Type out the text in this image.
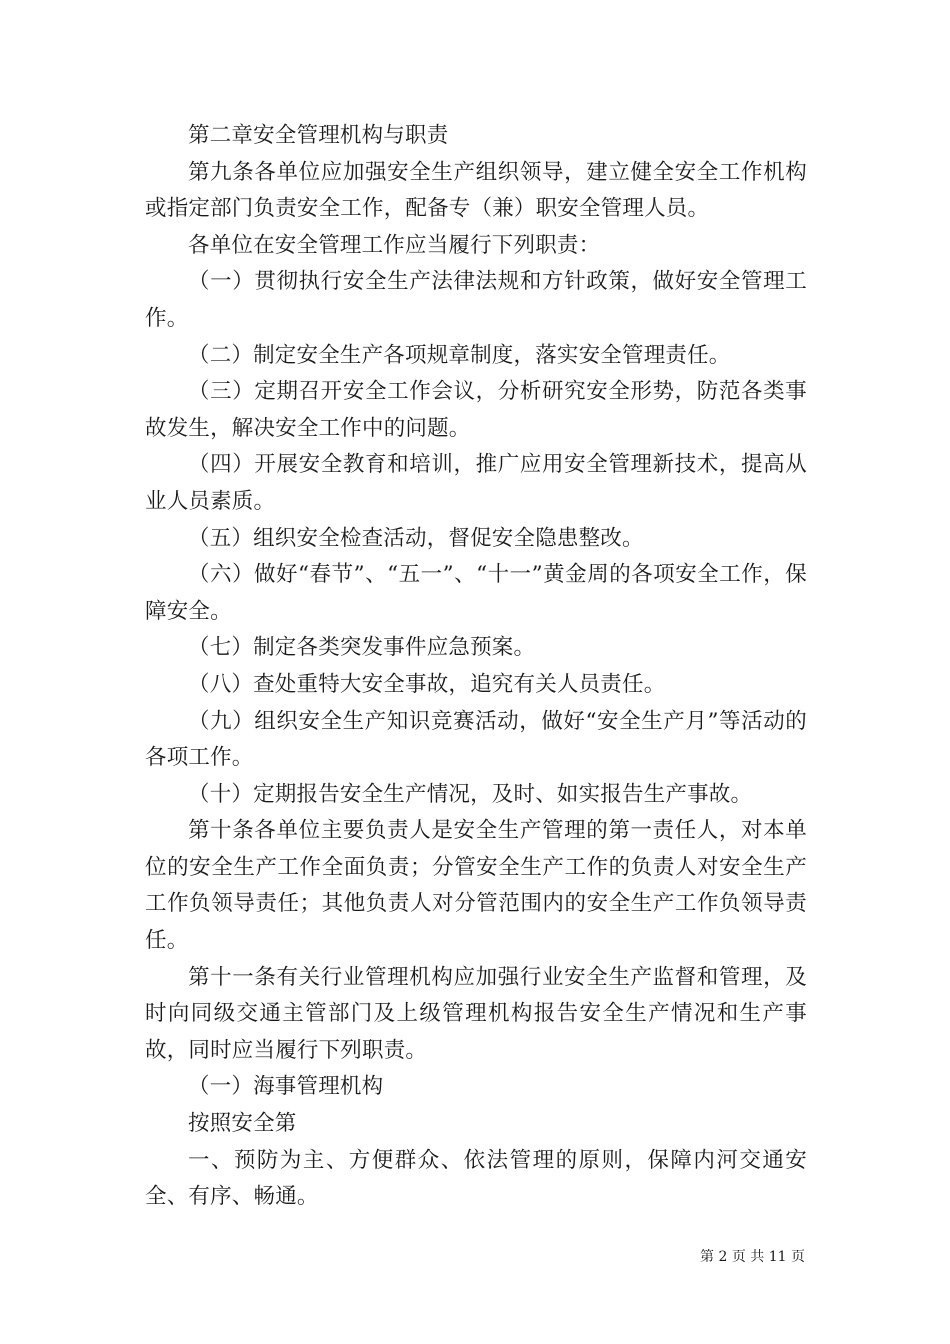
第二章安全管理机构与职责

第九条各单位应加强安全生产组织领导，建立健全安全工作机构或指定部门负责安全工作，配备专（兼）职安全管理人员。

各单位在安全管理工作应当履行下列职责：

（一）贯彻执行安全生产法律法规和方针政策，做好安全管理工作。

（二）制定安全生产各项规章制度，落实安全管理责任。

（三）定期召开安全工作会议，分析研究安全形势，防范各类事故发生，解决安全工作中的问题。

（四）开展安全教育和培训，推广应用安全管理新技术，提高从业人员素质。

（五）组织安全检查活动，督促安全隐患整改。

（六）做好“春节”、“五一”、“十一”黄金周的各项安全工作，保障安全。

（七）制定各类突发事件应急预案。

（八）查处重特大安全事故，追究有关人员责任。

（九）组织安全生产知识竞赛活动，做好“安全生产月”等活动的各项工作。

（十）定期报告安全生产情况，及时、如实报告生产事故。

第十条各单位主要负责人是安全生产管理的第一责任人，对本单位的安全生产工作全面负责；分管安全生产工作的负责人对安全生产工作负领导责任；其他负责人对分管范围内的安全生产工作负领导责任。

第十一条有关行业管理机构应加强行业安全生产监督和管理，及时向同级交通主管部门及上级管理机构报告安全生产情况和生产事故，同时应当履行下列职责。

（一）海事管理机构

按照安全第

一、预防为主、方便群众、依法管理的原则，保障内河交通安全、有序、畅通。

第 2 页 共 11 页
